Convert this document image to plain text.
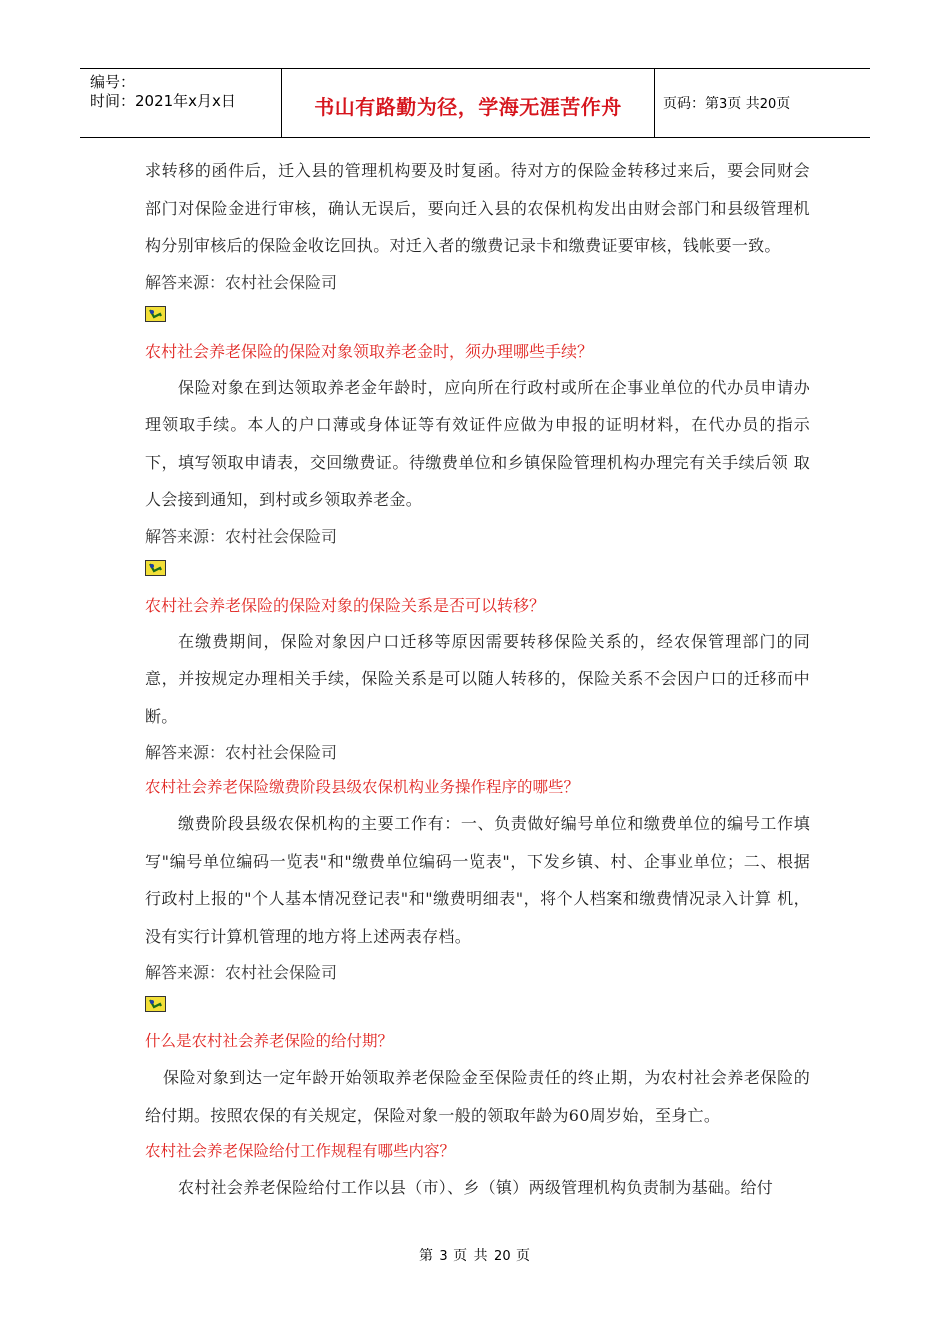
编号：
时间：2021年x月x日	书山有路勤为径，学海无涯苦作舟	页码：第3页 共20页

求转移的函件后，迁入县的管理机构要及时复函。待对方的保险金转移过来后，要会同财会部门对保险金进行审核，确认无误后，要向迁入县的农保机构发出由财会部门和县级管理机构分别审核后的保险金收讫回执。对迁入者的缴费记录卡和缴费证要审核，钱帐要一致。

解答来源：农村社会保险司

农村社会养老保险的保险对象领取养老金时，须办理哪些手续？

保险对象在到达领取养老金年龄时，应向所在行政村或所在企事业单位的代办员申请办理领取手续。本人的户口薄或身体证等有效证件应做为申报的证明材料，在代办员的指示下，填写领取申请表，交回缴费证。待缴费单位和乡镇保险管理机构办理完有关手续后领 取人会接到通知，到村或乡领取养老金。

解答来源：农村社会保险司

农村社会养老保险的保险对象的保险关系是否可以转移？

在缴费期间，保险对象因户口迁移等原因需要转移保险关系的，经农保管理部门的同意，并按规定办理相关手续，保险关系是可以随人转移的，保险关系不会因户口的迁移而中断。

解答来源：农村社会保险司

农村社会养老保险缴费阶段县级农保机构业务操作程序的哪些？

缴费阶段县级农保机构的主要工作有：一、负责做好编号单位和缴费单位的编号工作填写"编号单位编码一览表"和"缴费单位编码一览表"，下发乡镇、村、企事业单位；二、根据行政村上报的"个人基本情况登记表"和"缴费明细表"，将个人档案和缴费情况录入计算 机，没有实行计算机管理的地方将上述两表存档。

解答来源：农村社会保险司

什么是农村社会养老保险的给付期？

保险对象到达一定年龄开始领取养老保险金至保险责任的终止期，为农村社会养老保险的给付期。按照农保的有关规定，保险对象一般的领取年龄为60周岁始，至身亡。

农村社会养老保险给付工作规程有哪些内容？

农村社会养老保险给付工作以县（市）、乡（镇）两级管理机构负责制为基础。给付

第 3 页 共 20 页
